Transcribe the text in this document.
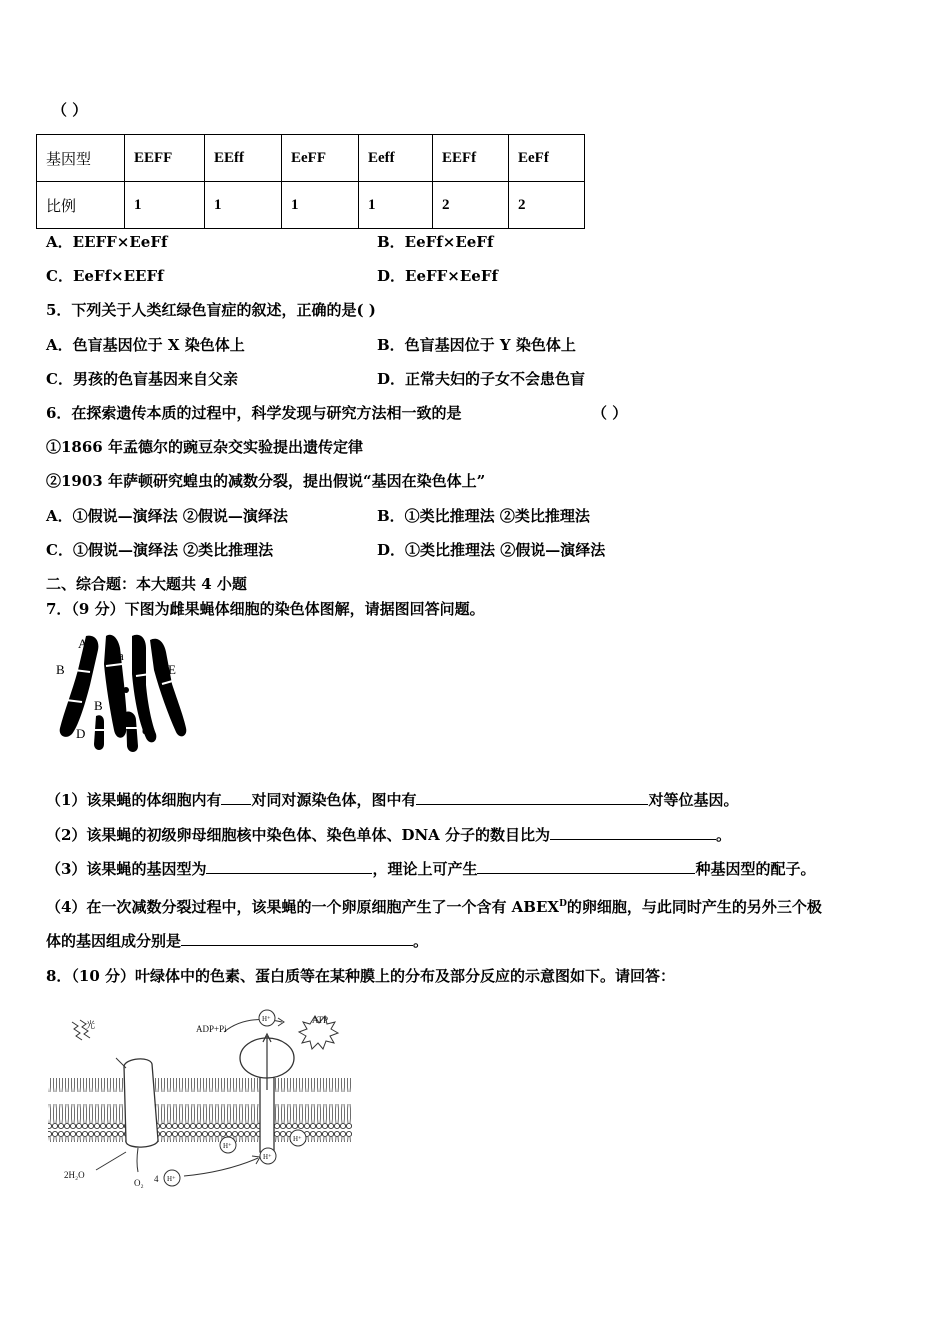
（ ）
基因型	EEFF	EEff	EeFF	Eeff	EEFf	EeFf
比例	1	1	1	1	2	2
A．EEFF×EeFf	B．EeFf×EeFf
C．EeFf×EEFf	D．EeFF×EeFf
5．下列关于人类红绿色盲症的叙述，正确的是( )
A．色盲基因位于 X 染色体上	B．色盲基因位于 Y 染色体上
C．男孩的色盲基因来自父亲	D．正常夫妇的子女不会患色盲
6．在探索遗传本质的过程中，科学发现与研究方法相一致的是	（ ）
①1866 年孟德尔的豌豆杂交实验提出遗传定律
②1903 年萨顿研究蝗虫的减数分裂，提出假说“基因在染色体上”
A．①假说—演绎法 ②假说—演绎法	B．①类比推理法 ②类比推理法
C．①假说—演绎法 ②类比推理法	D．①类比推理法 ②假说—演绎法
二、综合题：本大题共 4 小题
7．（9 分）下图为雌果蝇体细胞的染色体图解，请据图回答问题。
A
a
B	E
B	e
D	d
（1）该果蝇的体细胞内有 对同对源染色体，图中有	对等位基因。
（2）该果蝇的初级卵母细胞核中染色体、染色单体、DNA 分子的数目比为	。
（3）该果蝇的基因型为	，理论上可产生	种基因型的配子。
（4）在一次减数分裂过程中，该果蝇的一个卵原细胞产生了一个含有 $ABEX^D$的卵细胞，与此同时产生的另外三个极
体的基因组成分别是	。
8．（10 分）叶绿体中的色素、蛋白质等在某种膜上的分布及部分反应的示意图如下。请回答：
光	ADP+Pi
ATP
2H₂O
O₂ 4
H⁺
H⁺
H⁺
H⁺
H⁺
